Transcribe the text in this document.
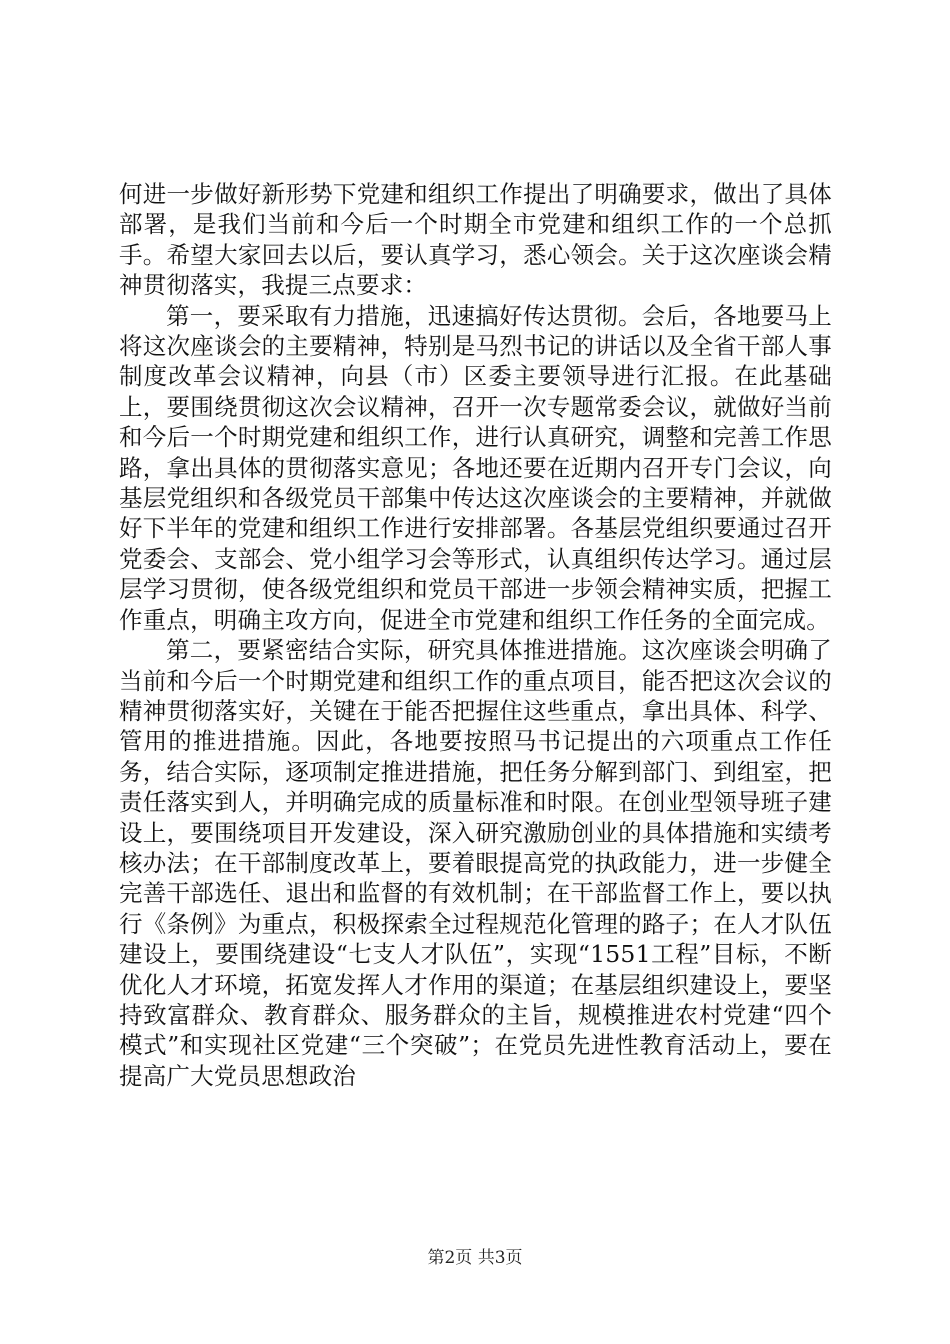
何进一步做好新形势下党建和组织工作提出了明确要求，做出了具体部署，是我们当前和今后一个时期全市党建和组织工作的一个总抓手。希望大家回去以后，要认真学习，悉心领会。关于这次座谈会精神贯彻落实，我提三点要求：

第一，要采取有力措施，迅速搞好传达贯彻。会后，各地要马上将这次座谈会的主要精神，特别是马烈书记的讲话以及全省干部人事制度改革会议精神，向县（市）区委主要领导进行汇报。在此基础上，要围绕贯彻这次会议精神，召开一次专题常委会议，就做好当前和今后一个时期党建和组织工作，进行认真研究，调整和完善工作思路，拿出具体的贯彻落实意见；各地还要在近期内召开专门会议，向基层党组织和各级党员干部集中传达这次座谈会的主要精神，并就做好下半年的党建和组织工作进行安排部署。各基层党组织要通过召开党委会、支部会、党小组学习会等形式，认真组织传达学习。通过层层学习贯彻，使各级党组织和党员干部进一步领会精神实质，把握工作重点，明确主攻方向，促进全市党建和组织工作任务的全面完成。

第二，要紧密结合实际，研究具体推进措施。这次座谈会明确了当前和今后一个时期党建和组织工作的重点项目，能否把这次会议的精神贯彻落实好，关键在于能否把握住这些重点，拿出具体、科学、管用的推进措施。因此，各地要按照马书记提出的六项重点工作任务，结合实际，逐项制定推进措施，把任务分解到部门、到组室，把责任落实到人，并明确完成的质量标准和时限。在创业型领导班子建设上，要围绕项目开发建设，深入研究激励创业的具体措施和实绩考核办法；在干部制度改革上，要着眼提高党的执政能力，进一步健全完善干部选任、退出和监督的有效机制；在干部监督工作上，要以执行《条例》为重点，积极探索全过程规范化管理的路子；在人才队伍建设上，要围绕建设“七支人才队伍”，实现“1551工程”目标，不断优化人才环境，拓宽发挥人才作用的渠道；在基层组织建设上，要坚持致富群众、教育群众、服务群众的主旨，规模推进农村党建“四个模式”和实现社区党建“三个突破”；在党员先进性教育活动上，要在提高广大党员思想政治

第2页 共3页
